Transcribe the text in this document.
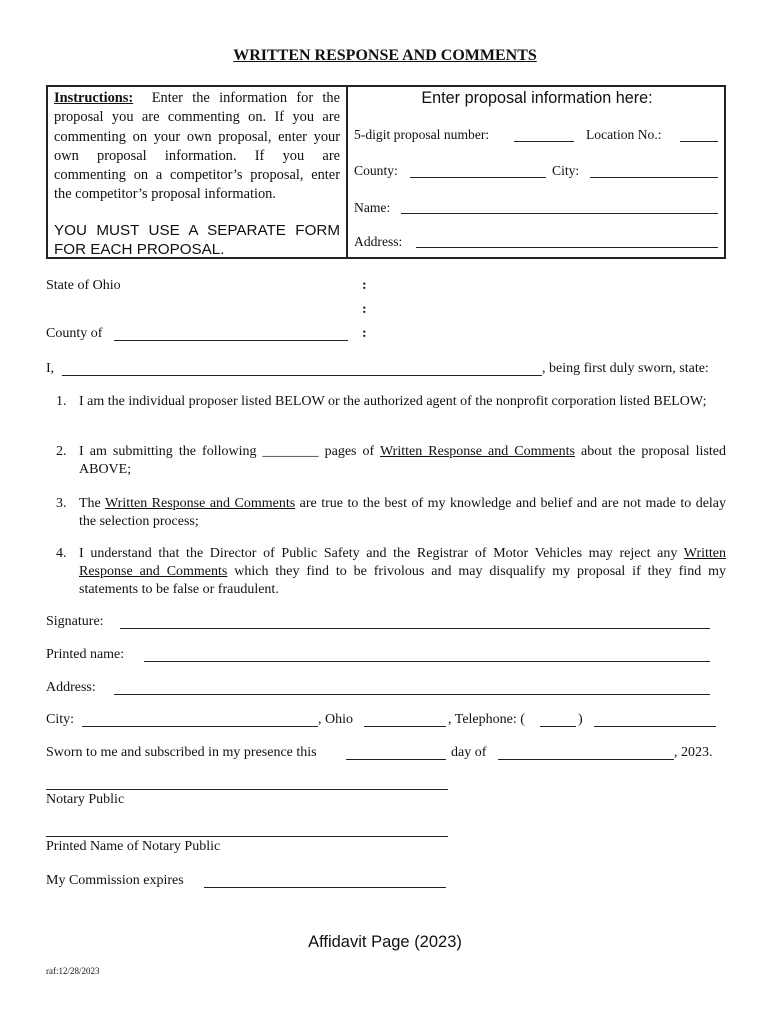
WRITTEN RESPONSE AND COMMENTS
Instructions: Enter the information for the proposal you are commenting on. If you are commenting on your own proposal, enter your own proposal information. If you are commenting on a competitor’s proposal, enter the competitor’s proposal information.
YOU MUST USE A SEPARATE FORM FOR EACH PROPOSAL.
Enter proposal information here:
5-digit proposal number:	Location No.:
County:	City:
Name:
Address:
State of Ohio	:
:
County of	:
I,	, being first duly sworn, state:
1. I am the individual proposer listed BELOW or the authorized agent of the nonprofit corporation listed BELOW;
2. I am submitting the following ________ pages of Written Response and Comments about the proposal listed ABOVE;
3. The Written Response and Comments are true to the best of my knowledge and belief and are not made to delay the selection process;
4. I understand that the Director of Public Safety and the Registrar of Motor Vehicles may reject any Written Response and Comments which they find to be frivolous and may disqualify my proposal if they find my statements to be false or fraudulent.
Signature:
Printed name:
Address:
City:	, Ohio	, Telephone: (	)
Sworn to me and subscribed in my presence this	day of	, 2023.
Notary Public
Printed Name of Notary Public
My Commission expires
Affidavit Page (2023)
raf:12/28/2023
